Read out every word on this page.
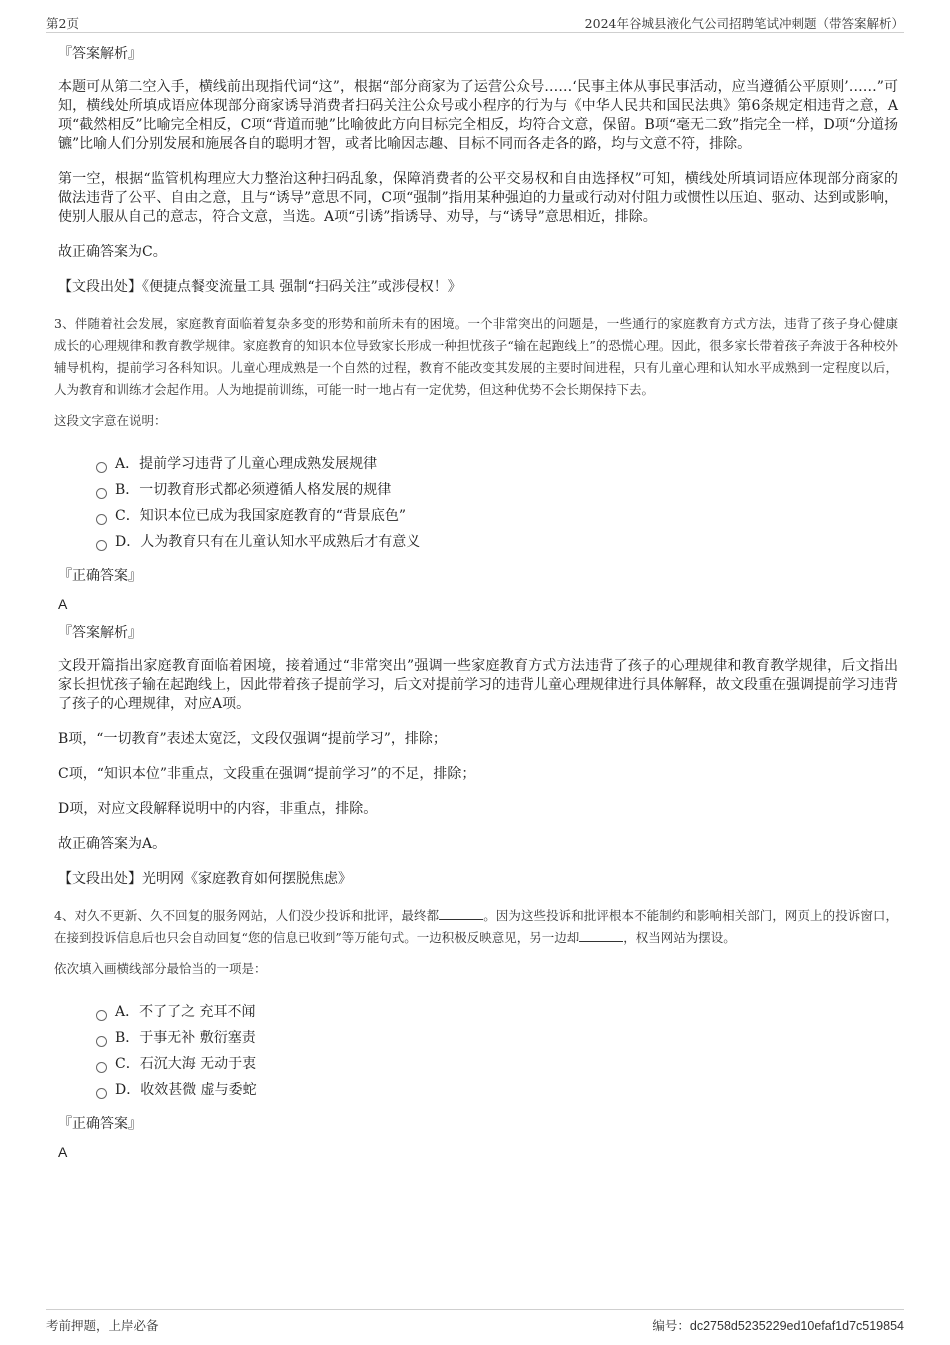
第2页	2024年谷城县液化气公司招聘笔试冲刺题（带答案解析）
『答案解析』

本题可从第二空入手，横线前出现指代词“这”，根据“部分商家为了运营公众号……‘民事主体从事民事活动，应当遵循公平原则’……”可知，横线处所填成语应体现部分商家诱导消费者扫码关注公众号或小程序的行为与《中华人民共和国民法典》第6条规定相违背之意，A项“截然相反”比喻完全相反，C项“背道而驰”比喻彼此方向目标完全相反，均符合文意，保留。B项“毫无二致”指完全一样，D项“分道扬镳”比喻人们分别发展和施展各自的聪明才智，或者比喻因志趣、目标不同而各走各的路，均与文意不符，排除。

第一空，根据“监管机构理应大力整治这种扫码乱象，保障消费者的公平交易权和自由选择权”可知，横线处所填词语应体现部分商家的做法违背了公平、自由之意，且与“诱导”意思不同，C项“强制”指用某种强迫的力量或行动对付阻力或惯性以压迫、驱动、达到或影响，使别人服从自己的意志，符合文意，当选。A项“引诱”指诱导、劝导，与“诱导”意思相近，排除。

故正确答案为C。

【文段出处】《便捷点餐变流量工具 强制“扫码关注”或涉侵权！》

3、伴随着社会发展，家庭教育面临着复杂多变的形势和前所未有的困境。一个非常突出的问题是，一些通行的家庭教育方式方法，违背了孩子身心健康成长的心理规律和教育教学规律。家庭教育的知识本位导致家长形成一种担忧孩子“输在起跑线上”的恐慌心理。因此，很多家长带着孩子奔波于各种校外辅导机构，提前学习各科知识。儿童心理成熟是一个自然的过程，教育不能改变其发展的主要时间进程，只有儿童心理和认知水平成熟到一定程度以后，人为教育和训练才会起作用。人为地提前训练，可能一时一地占有一定优势，但这种优势不会长期保持下去。

这段文字意在说明：
A．提前学习违背了儿童心理成熟发展规律
B．一切教育形式都必须遵循人格发展的规律
C．知识本位已成为我国家庭教育的“背景底色”
D．人为教育只有在儿童认知水平成熟后才有意义
『正确答案』
A
『答案解析』

文段开篇指出家庭教育面临着困境，接着通过“非常突出”强调一些家庭教育方式方法违背了孩子的心理规律和教育教学规律，后文指出家长担忧孩子输在起跑线上，因此带着孩子提前学习，后文对提前学习的违背儿童心理规律进行具体解释，故文段重在强调提前学习违背了孩子的心理规律，对应A项。

B项，“一切教育”表述太宽泛，文段仅强调“提前学习”，排除；

C项，“知识本位”非重点，文段重在强调“提前学习”的不足，排除；

D项，对应文段解释说明中的内容，非重点，排除。

故正确答案为A。

【文段出处】光明网《家庭教育如何摆脱焦虑》

4、对久不更新、久不回复的服务网站，人们没少投诉和批评，最终都	。因为这些投诉和批评根本不能制约和影响相关部门，网页上的投诉窗口，在接到投诉信息后也只会自动回复“您的信息已收到”等万能句式。一边积极反映意见，另一边却	，权当网站为摆设。

依次填入画横线部分最恰当的一项是：
A．不了了之 充耳不闻
B．于事无补 敷衍塞责
C．石沉大海 无动于衷
D．收效甚微 虚与委蛇
『正确答案』
A
考前押题，上岸必备	编号：dc2758d5235229ed10efaf1d7c519854
